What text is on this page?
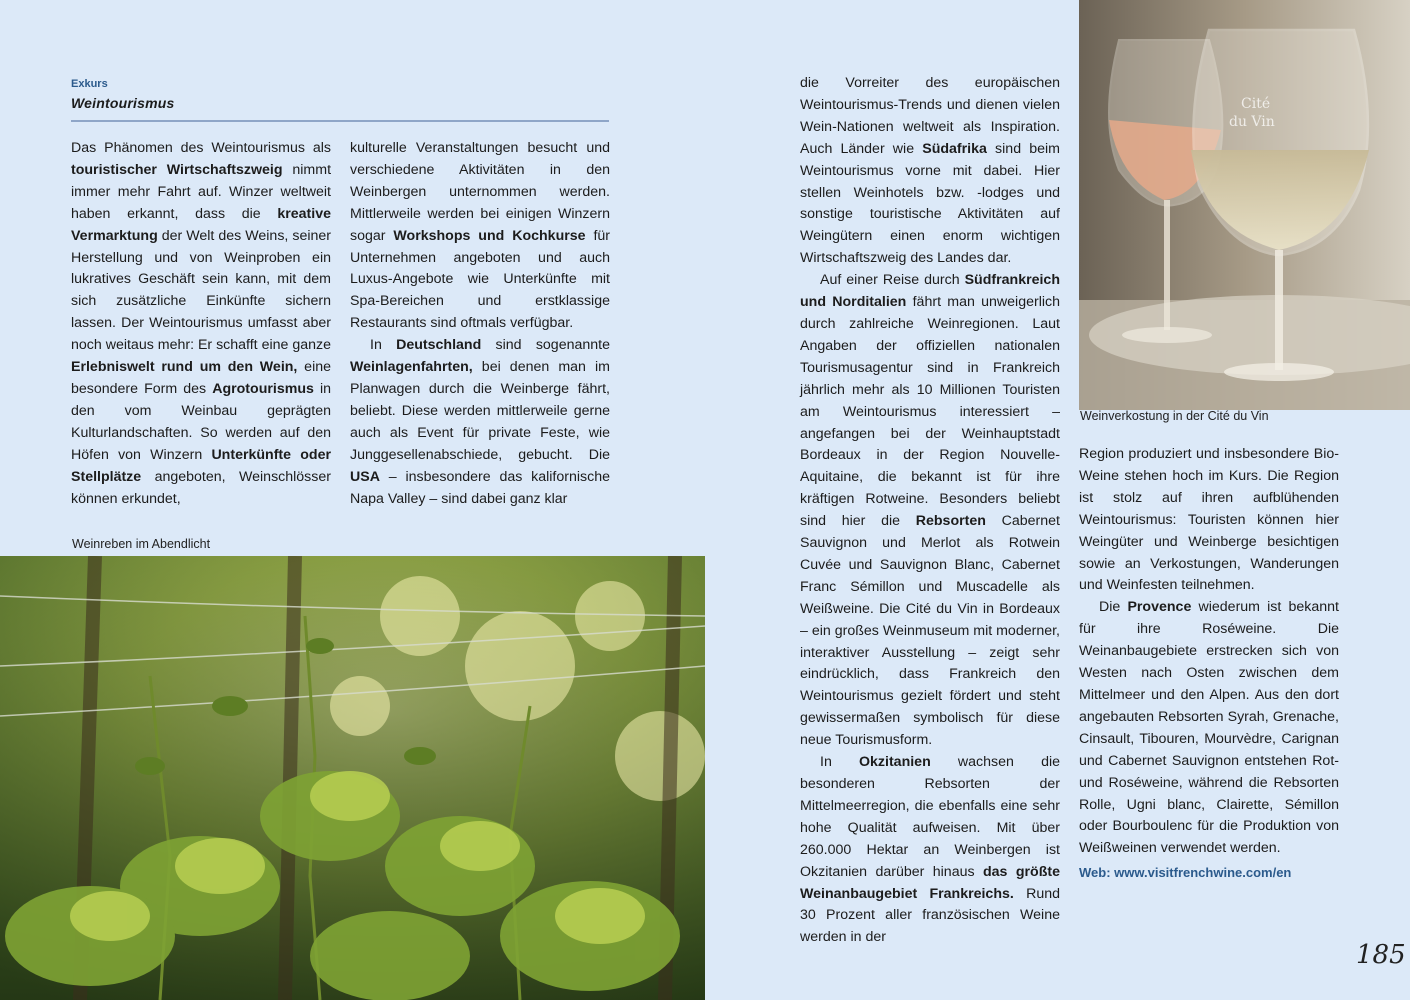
Exkurs
Weintourismus

Das Phänomen des Weintourismus als touristischer Wirtschaftszweig nimmt immer mehr Fahrt auf. Winzer weltweit haben erkannt, dass die kreative Vermarktung der Welt des Weins, seiner Herstellung und von Weinproben ein lukratives Geschäft sein kann, mit dem sich zusätzliche Einkünfte sichern lassen. Der Weintourismus umfasst aber noch weitaus mehr: Er schafft eine ganze Erlebniswelt rund um den Wein, eine besondere Form des Agrotourismus in den vom Weinbau geprägten Kulturlandschaften. So werden auf den Höfen von Winzern Unterkünfte oder Stellplätze angeboten, Weinschlösser können erkundet,

kulturelle Veranstaltungen besucht und verschiedene Aktivitäten in den Weinbergen unternommen werden. Mittlerweile werden bei einigen Winzern sogar Workshops und Kochkurse für Unternehmen angeboten und auch Luxus-Angebote wie Unterkünfte mit Spa-Bereichen und erstklassige Restaurants sind oftmals verfügbar.

In Deutschland sind sogenannte Weinlagenfahrten, bei denen man im Planwagen durch die Weinberge fährt, beliebt. Diese werden mittlerweile gerne auch als Event für private Feste, wie Junggesellenabschiede, gebucht. Die USA – insbesondere das kalifornische Napa Valley – sind dabei ganz klar

die Vorreiter des europäischen Weintourismus-Trends und dienen vielen Wein-Nationen weltweit als Inspiration. Auch Länder wie Südafrika sind beim Weintourismus vorne mit dabei. Hier stellen Weinhotels bzw. -lodges und sonstige touristische Aktivitäten auf Weingütern einen enorm wichtigen Wirtschaftszweig des Landes dar.

Auf einer Reise durch Südfrankreich und Norditalien fährt man unweigerlich durch zahlreiche Weinregionen. Laut Angaben der offiziellen nationalen Tourismusagentur sind in Frankreich jährlich mehr als 10 Millionen Touristen am Weintourismus interessiert – angefangen bei der Weinhauptstadt Bordeaux in der Region Nouvelle-Aquitaine, die bekannt ist für ihre kräftigen Rotweine. Besonders beliebt sind hier die Rebsorten Cabernet Sauvignon und Merlot als Rotwein Cuvée und Sauvignon Blanc, Cabernet Franc Sémillon und Muscadelle als Weißweine. Die Cité du Vin in Bordeaux – ein großes Weinmuseum mit moderner, interaktiver Ausstellung – zeigt sehr eindrücklich, dass Frankreich den Weintourismus gezielt fördert und steht gewissermaßen symbolisch für diese neue Tourismusform.

In Okzitanien wachsen die besonderen Rebsorten der Mittelmeerregion, die ebenfalls eine sehr hohe Qualität aufweisen. Mit über 260.000 Hektar an Weinbergen ist Okzitanien darüber hinaus das größte Weinanbaugebiet Frankreichs. Rund 30 Prozent aller französischen Weine werden in der

Region produziert und insbesondere Bio-Weine stehen hoch im Kurs. Die Region ist stolz auf ihren aufblühenden Weintourismus: Touristen können hier Weingüter und Weinberge besichtigen sowie an Verkostungen, Wanderungen und Weinfesten teilnehmen.

Die Provence wiederum ist bekannt für ihre Roséweine. Die Weinanbaugebiete erstrecken sich von Westen nach Osten zwischen dem Mittelmeer und den Alpen. Aus den dort angebauten Rebsorten Syrah, Grenache, Cinsault, Tibouren, Mourvèdre, Carignan und Cabernet Sauvignon entstehen Rot- und Roséweine, während die Rebsorten Rolle, Ugni blanc, Clairette, Sémillon oder Bourboulenc für die Produktion von Weißweinen verwendet werden.

Web: www.visitfrenchwine.com/en
Weinreben im Abendlicht
Cité
du Vin
Weinverkostung in der Cité du Vin
185
